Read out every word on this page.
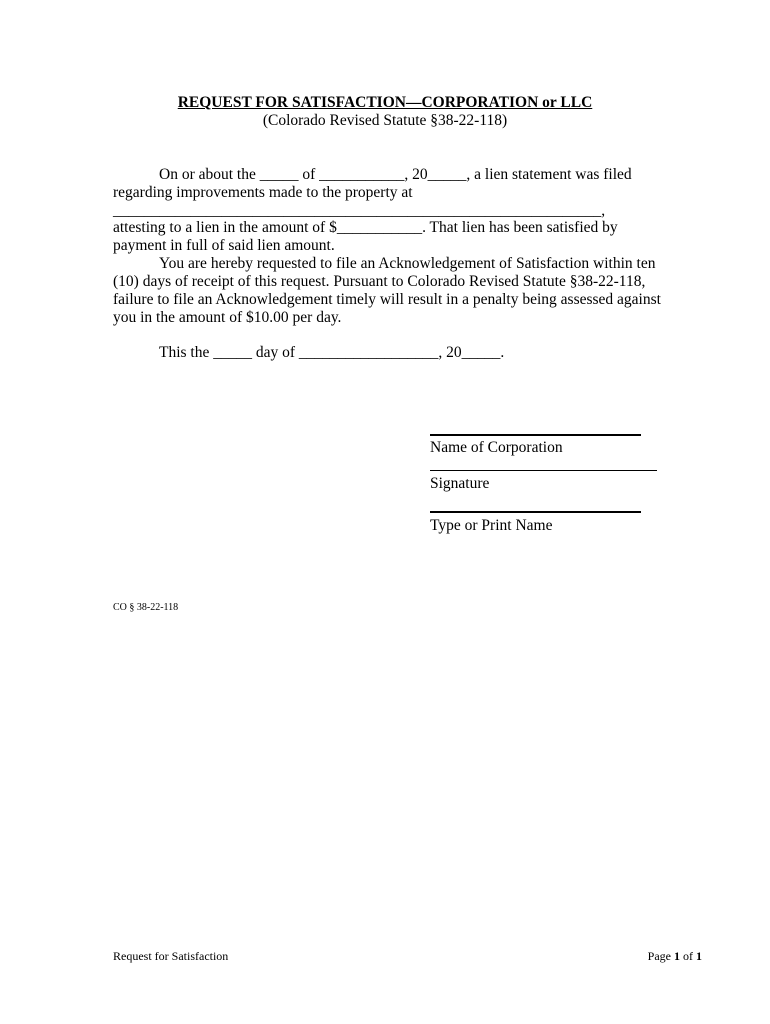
REQUEST FOR SATISFACTION—CORPORATION or LLC
(Colorado Revised Statute §38-22-118)
On or about the _____ of ___________, 20_____, a lien statement was filed
regarding improvements made to the property at
_______________________________________________________________,
attesting to a lien in the amount of $___________. That lien has been satisfied by
payment in full of said lien amount.
You are hereby requested to file an Acknowledgement of Satisfaction within ten
(10) days of receipt of this request. Pursuant to Colorado Revised Statute §38-22-118,
failure to file an Acknowledgement timely will result in a penalty being assessed against
you in the amount of $10.00 per day.
This the _____ day of __________________, 20_____.
Name of Corporation
Signature
Type or Print Name
CO § 38-22-118
Request for Satisfaction	Page 1 of 1
